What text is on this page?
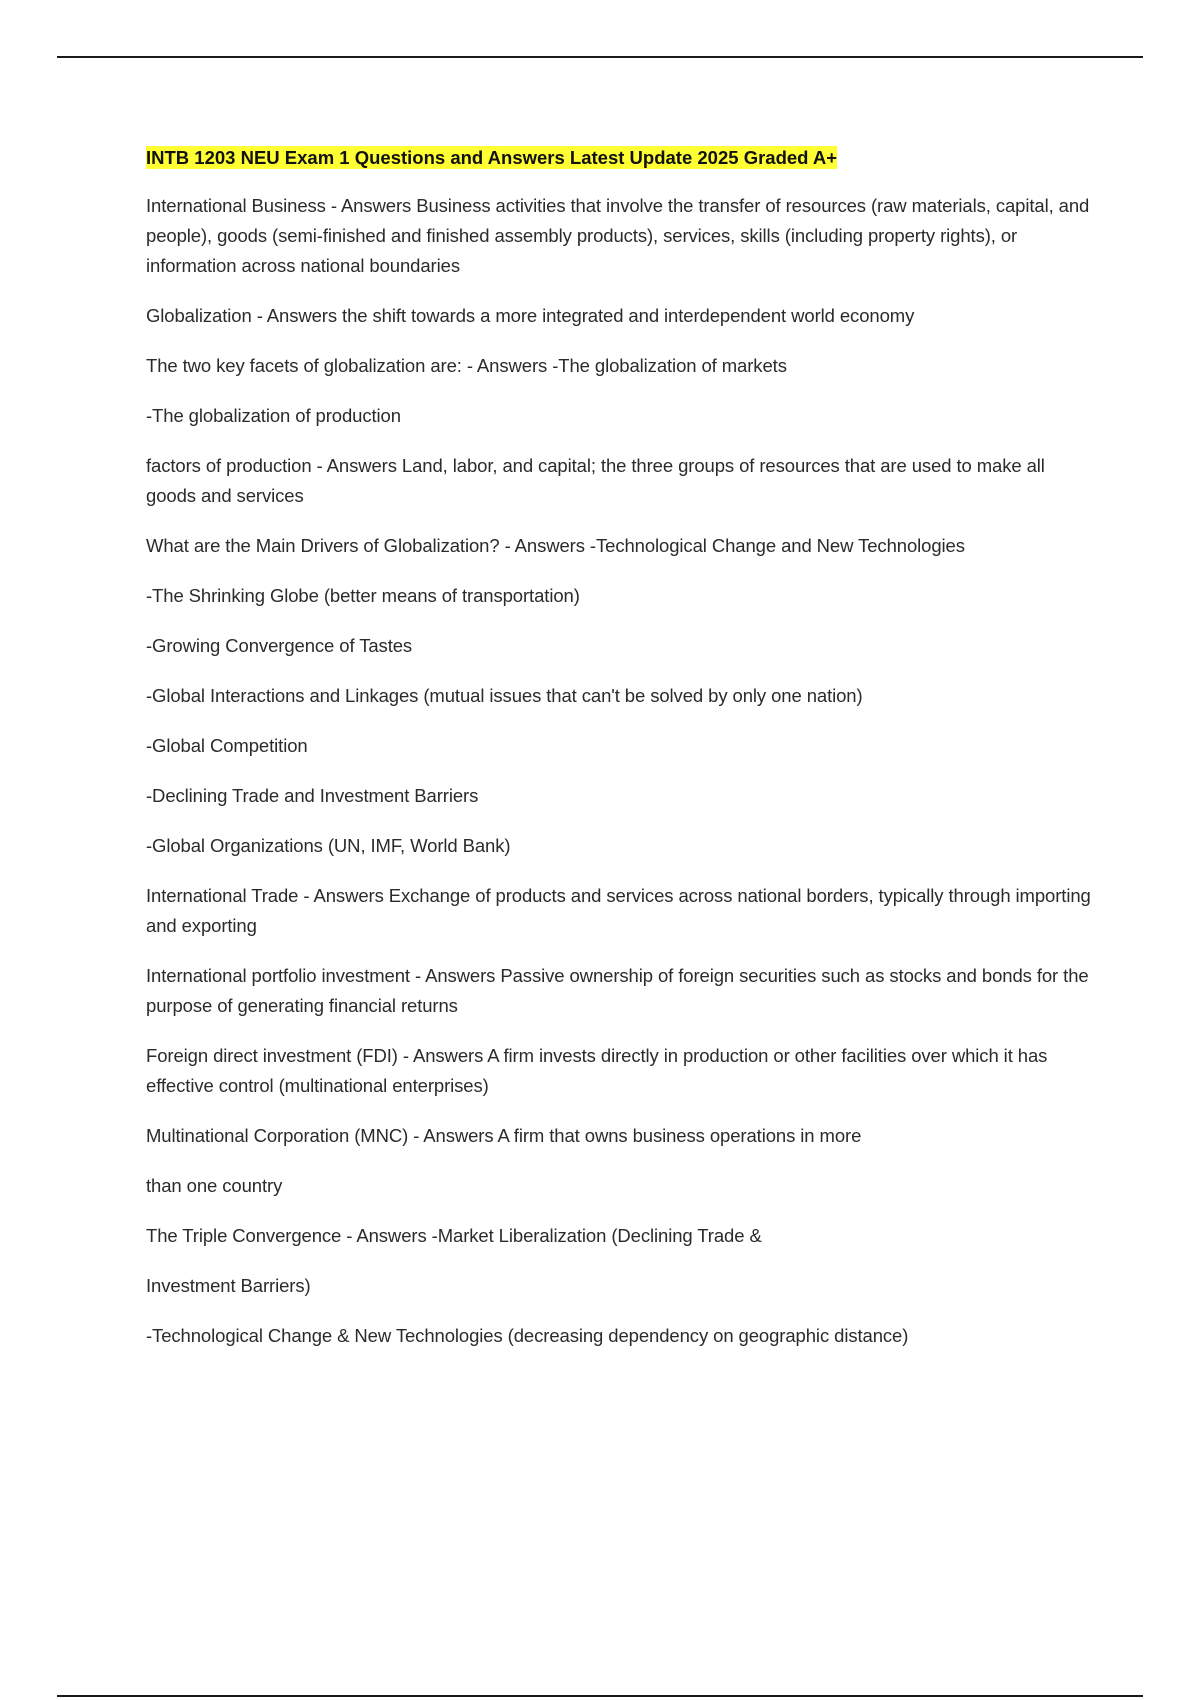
INTB 1203 NEU Exam 1 Questions and Answers Latest Update 2025 Graded A+

International Business - Answers Business activities that involve the transfer of resources (raw materials, capital, and people), goods (semi-finished and finished assembly products), services, skills (including property rights), or information across national boundaries

Globalization - Answers the shift towards a more integrated and interdependent world economy

The two key facets of globalization are: - Answers -The globalization of markets

-The globalization of production

factors of production - Answers Land, labor, and capital; the three groups of resources that are used to make all goods and services

What are the Main Drivers of Globalization? - Answers -Technological Change and New Technologies

-The Shrinking Globe (better means of transportation)

-Growing Convergence of Tastes

-Global Interactions and Linkages (mutual issues that can't be solved by only one nation)

-Global Competition

-Declining Trade and Investment Barriers

-Global Organizations (UN, IMF, World Bank)

International Trade - Answers Exchange of products and services across national borders, typically through importing and exporting

International portfolio investment - Answers Passive ownership of foreign securities such as stocks and bonds for the purpose of generating financial returns

Foreign direct investment (FDI) - Answers A firm invests directly in production or other facilities over which it has effective control (multinational enterprises)

Multinational Corporation (MNC) - Answers A firm that owns business operations in more

than one country

The Triple Convergence - Answers -Market Liberalization (Declining Trade &

Investment Barriers)

-Technological Change & New Technologies (decreasing dependency on geographic distance)
